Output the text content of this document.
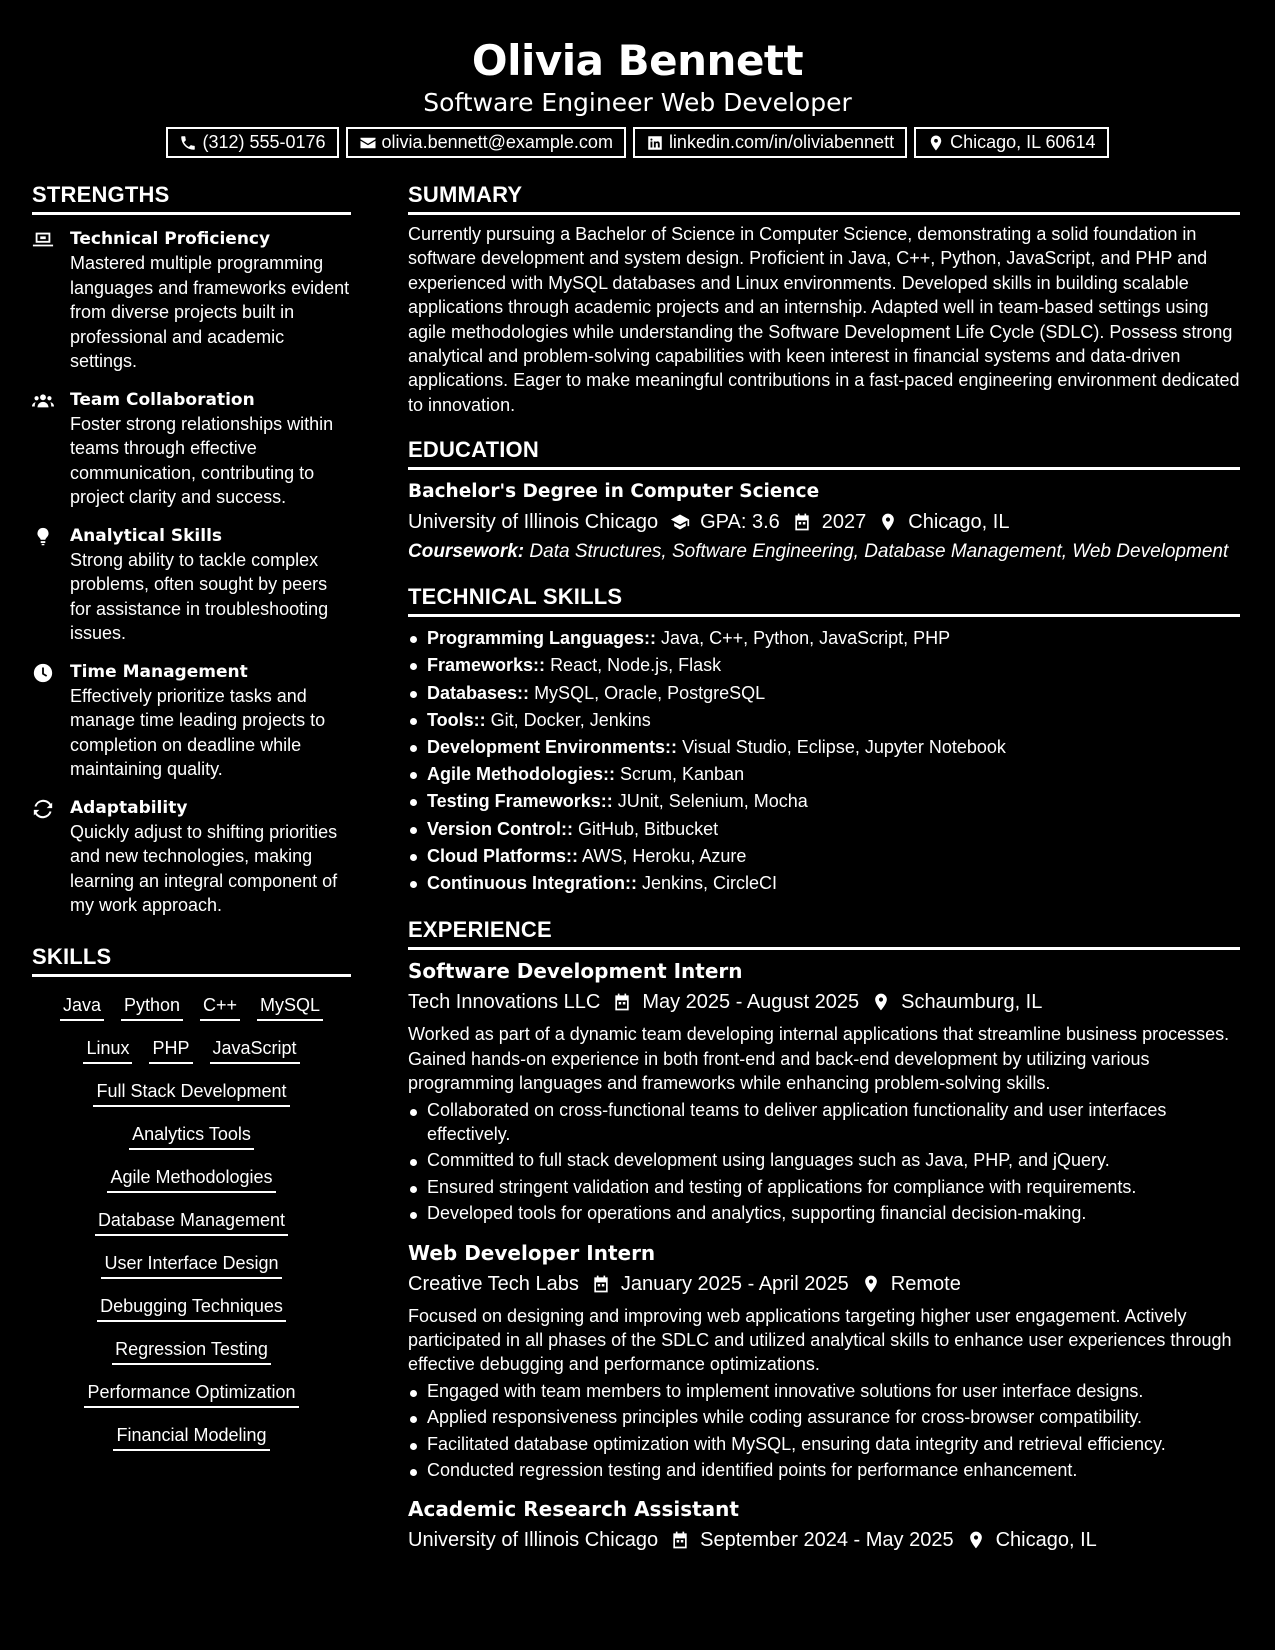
Olivia Bennett
Software Engineer Web Developer
(312) 555-0176	olivia.bennett@example.com	linkedin.com/in/oliviabennett	Chicago, IL 60614
STRENGTHS
Technical Proficiency
Mastered multiple programming languages and frameworks evident from diverse projects built in professional and academic settings.
Team Collaboration
Foster strong relationships within teams through effective communication, contributing to project clarity and success.
Analytical Skills
Strong ability to tackle complex problems, often sought by peers for assistance in troubleshooting issues.
Time Management
Effectively prioritize tasks and manage time leading projects to completion on deadline while maintaining quality.
Adaptability
Quickly adjust to shifting priorities and new technologies, making learning an integral component of my work approach.
SKILLS
Java Python C++ MySQL
Linux PHP JavaScript
Full Stack Development
Analytics Tools
Agile Methodologies
Database Management
User Interface Design
Debugging Techniques
Regression Testing
Performance Optimization
Financial Modeling
SUMMARY
Currently pursuing a Bachelor of Science in Computer Science, demonstrating a solid foundation in software development and system design. Proficient in Java, C++, Python, JavaScript, and PHP and experienced with MySQL databases and Linux environments. Developed skills in building scalable applications through academic projects and an internship. Adapted well in team-based settings using agile methodologies while understanding the Software Development Life Cycle (SDLC). Possess strong analytical and problem-solving capabilities with keen interest in financial systems and data-driven applications. Eager to make meaningful contributions in a fast-paced engineering environment dedicated to innovation.
EDUCATION
Bachelor's Degree in Computer Science
University of Illinois Chicago GPA: 3.6 2027 Chicago, IL
Coursework: Data Structures, Software Engineering, Database Management, Web Development
TECHNICAL SKILLS
Programming Languages:: Java, C++, Python, JavaScript, PHP
Frameworks:: React, Node.js, Flask
Databases:: MySQL, Oracle, PostgreSQL
Tools:: Git, Docker, Jenkins
Development Environments:: Visual Studio, Eclipse, Jupyter Notebook
Agile Methodologies:: Scrum, Kanban
Testing Frameworks:: JUnit, Selenium, Mocha
Version Control:: GitHub, Bitbucket
Cloud Platforms:: AWS, Heroku, Azure
Continuous Integration:: Jenkins, CircleCI
EXPERIENCE
Software Development Intern
Tech Innovations LLC May 2025 - August 2025 Schaumburg, IL
Worked as part of a dynamic team developing internal applications that streamline business processes. Gained hands-on experience in both front-end and back-end development by utilizing various programming languages and frameworks while enhancing problem-solving skills.
Collaborated on cross-functional teams to deliver application functionality and user interfaces effectively.
Committed to full stack development using languages such as Java, PHP, and jQuery.
Ensured stringent validation and testing of applications for compliance with requirements.
Developed tools for operations and analytics, supporting financial decision-making.
Web Developer Intern
Creative Tech Labs January 2025 - April 2025 Remote
Focused on designing and improving web applications targeting higher user engagement. Actively participated in all phases of the SDLC and utilized analytical skills to enhance user experiences through effective debugging and performance optimizations.
Engaged with team members to implement innovative solutions for user interface designs.
Applied responsiveness principles while coding assurance for cross-browser compatibility.
Facilitated database optimization with MySQL, ensuring data integrity and retrieval efficiency.
Conducted regression testing and identified points for performance enhancement.
Academic Research Assistant
University of Illinois Chicago September 2024 - May 2025 Chicago, IL
